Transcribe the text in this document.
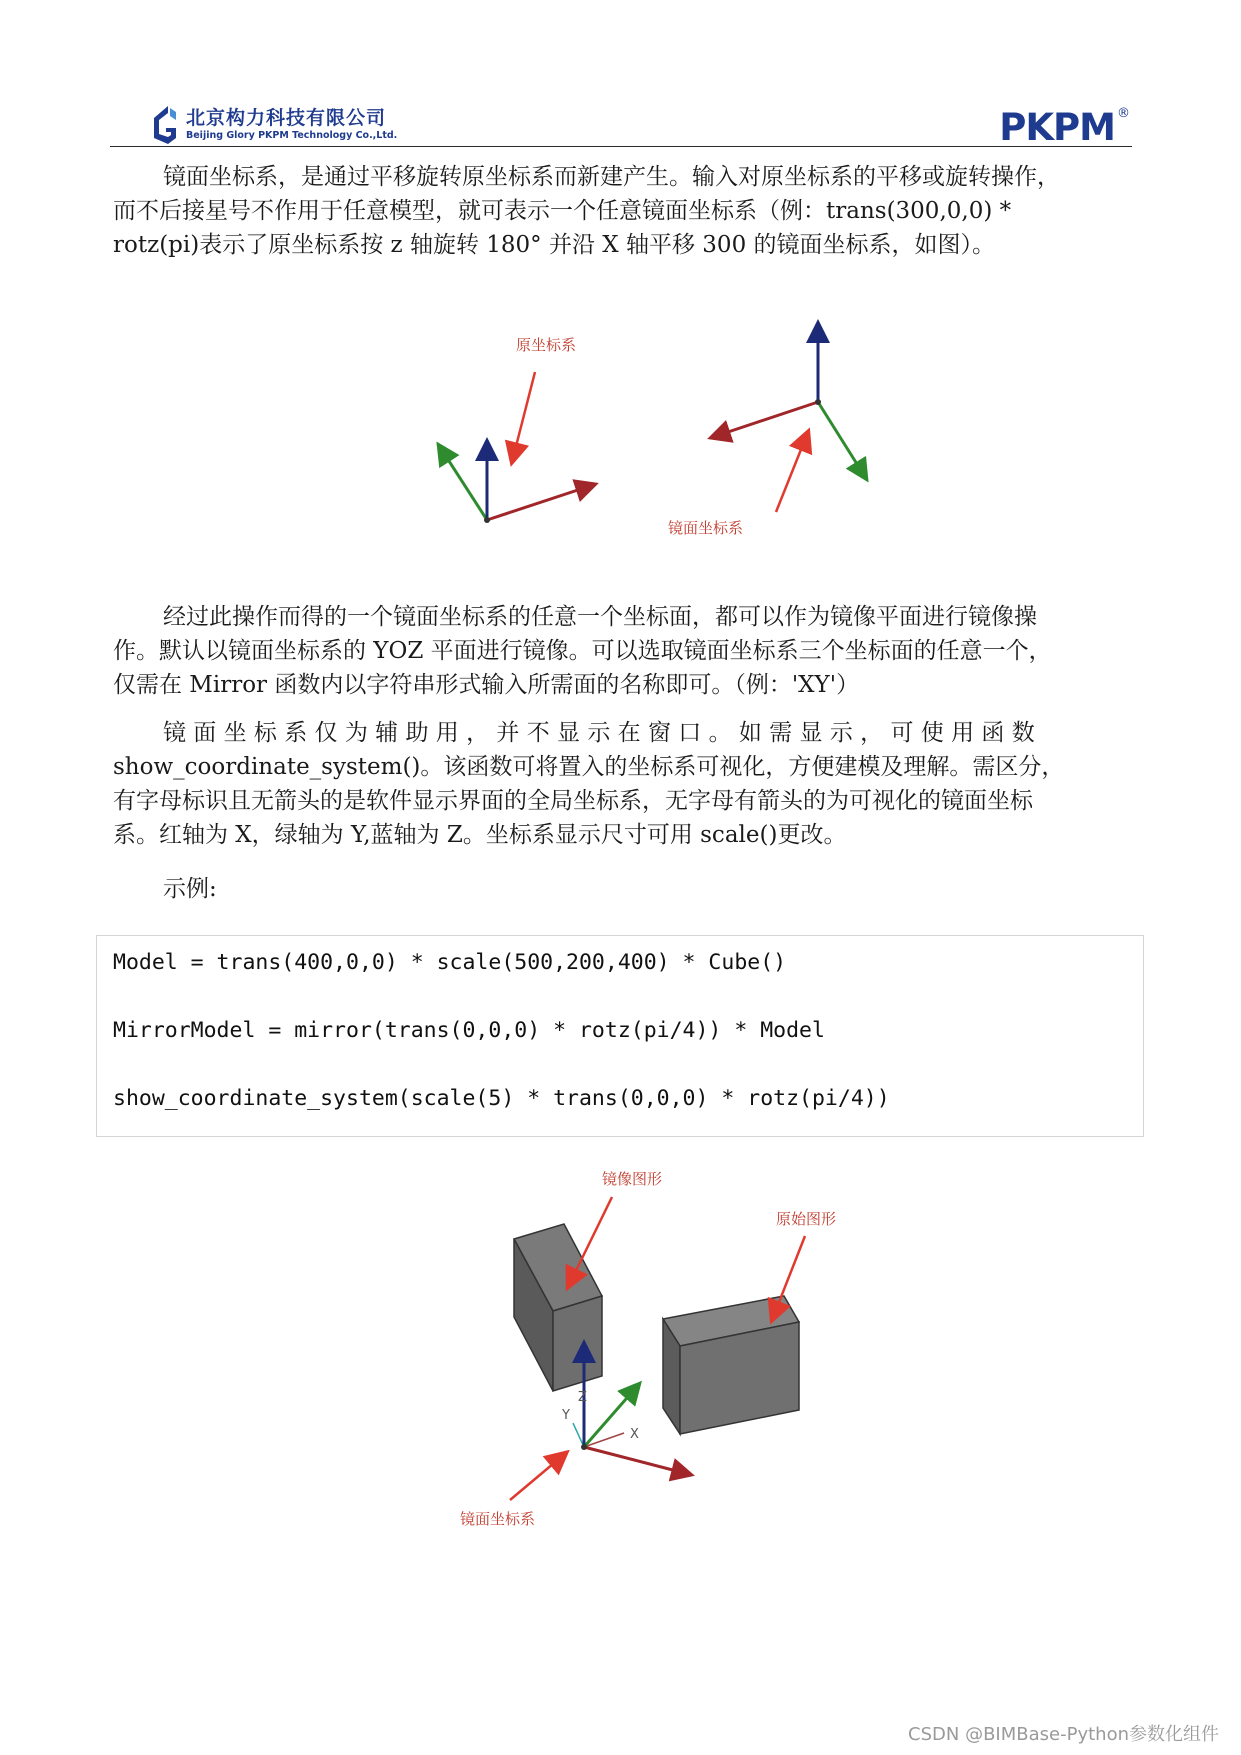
北京构力科技有限公司
Beijing Glory PKPM Technology Co.,Ltd.	PKPM ®
镜面坐标系，是通过平移旋转原坐标系而新建产生。输入对原坐标系的平移或旋转操作，
而不后接星号不作用于任意模型，就可表示一个任意镜面坐标系（例：trans(300,0,0) *
rotz(pi)表示了原坐标系按 z 轴旋转 180° 并沿 X 轴平移 300 的镜面坐标系，如图）。
原坐标系
镜面坐标系
经过此操作而得的一个镜面坐标系的任意一个坐标面，都可以作为镜像平面进行镜像操
作。默认以镜面坐标系的 YOZ 平面进行镜像。可以选取镜面坐标系三个坐标面的任意一个，
仅需在 Mirror 函数内以字符串形式输入所需面的名称即可。（例：'XY'）
镜 面 坐 标 系 仅 为 辅 助 用 ， 并 不 显 示 在 窗 口 。 如 需 显 示 ， 可 使 用 函 数
show_coordinate_system()。该函数可将置入的坐标系可视化，方便建模及理解。需区分，
有字母标识且无箭头的是软件显示界面的全局坐标系，无字母有箭头的为可视化的镜面坐标
系。红轴为 X，绿轴为 Y,蓝轴为 Z。坐标系显示尺寸可用 scale()更改。
示例:
Model = trans(400,0,0) * scale(500,200,400) * Cube()
MirrorModel = mirror(trans(0,0,0) * rotz(pi/4)) * Model
show_coordinate_system(scale(5) * trans(0,0,0) * rotz(pi/4))
镜像图形
原始图形
镜面坐标系
X
Y
Z
CSDN @BIMBase-Python参数化组件
